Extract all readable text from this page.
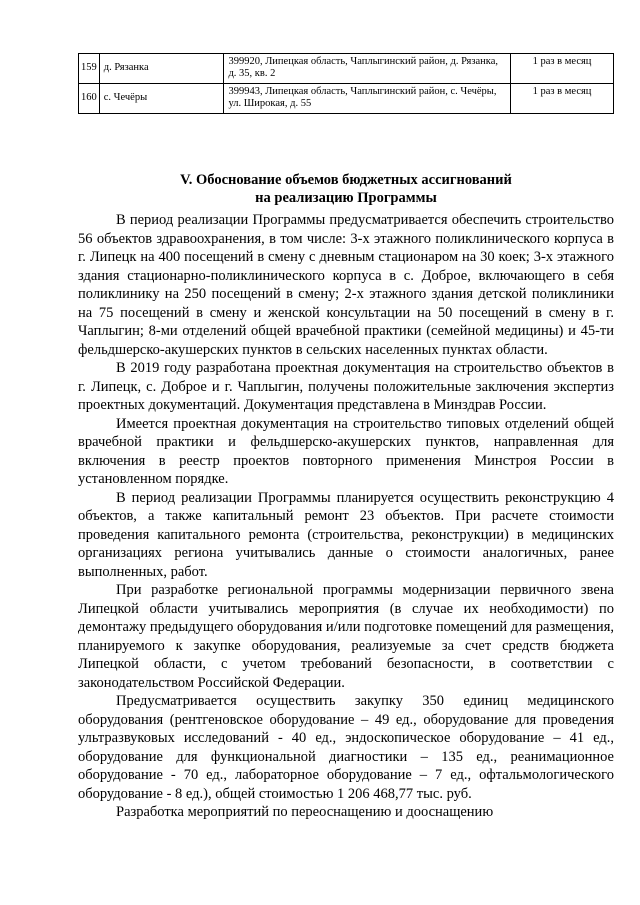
159	д. Рязанка	399920, Липецкая область, Чаплыгинский район, д. Рязанка, д. 35, кв. 2	1 раз в месяц
160	с. Чечёры	399943, Липецкая область, Чаплыгинский район, с. Чечёры, ул. Широкая, д. 55	1 раз в месяц
V. Обоснование объемов бюджетных ассигнований
на реализацию Программы

В период реализации Программы предусматривается обеспечить строительство 56 объектов здравоохранения, в том числе: 3-х этажного поликлинического корпуса в г. Липецк на 400 посещений в смену с дневным стационаром на 30 коек; 3-х этажного здания стационарно-поликлинического корпуса в с. Доброе, включающего в себя поликлинику на 250 посещений в смену; 2-х этажного здания детской поликлиники на 75 посещений в смену и женской консультации на 50 посещений в смену в г. Чаплыгин; 8-ми отделений общей врачебной практики (семейной медицины) и 45-ти фельдшерско-акушерских пунктов в сельских населенных пунктах области.

В 2019 году разработана проектная документация на строительство объектов в г. Липецк, с. Доброе и г. Чаплыгин, получены положительные заключения экспертиз проектных документаций. Документация представлена в Минздрав России.

Имеется проектная документация на строительство типовых отделений общей врачебной практики и фельдшерско-акушерских пунктов, направленная для включения в реестр проектов повторного применения Минстроя России в установленном порядке.

В период реализации Программы планируется осуществить реконструкцию 4 объектов, а также капитальный ремонт 23 объектов. При расчете стоимости проведения капитального ремонта (строительства, реконструкции) в медицинских организациях региона учитывались данные о стоимости аналогичных, ранее выполненных, работ.

При разработке региональной программы модернизации первичного звена Липецкой области учитывались мероприятия (в случае их необходимости) по демонтажу предыдущего оборудования и/или подготовке помещений для размещения, планируемого к закупке оборудования, реализуемые за счет средств бюджета Липецкой области, с учетом требований безопасности, в соответствии с законодательством Российской Федерации.

Предусматривается осуществить закупку 350 единиц медицинского оборудования (рентгеновское оборудование – 49 ед., оборудование для проведения ультразвуковых исследований - 40 ед., эндоскопическое оборудование – 41 ед., оборудование для функциональной диагностики – 135 ед., реанимационное оборудование - 70 ед., лабораторное оборудование – 7 ед., офтальмологического оборудование - 8 ед.), общей стоимостью 1 206 468,77 тыс. руб.

Разработка мероприятий по переоснащению и дооснащению
